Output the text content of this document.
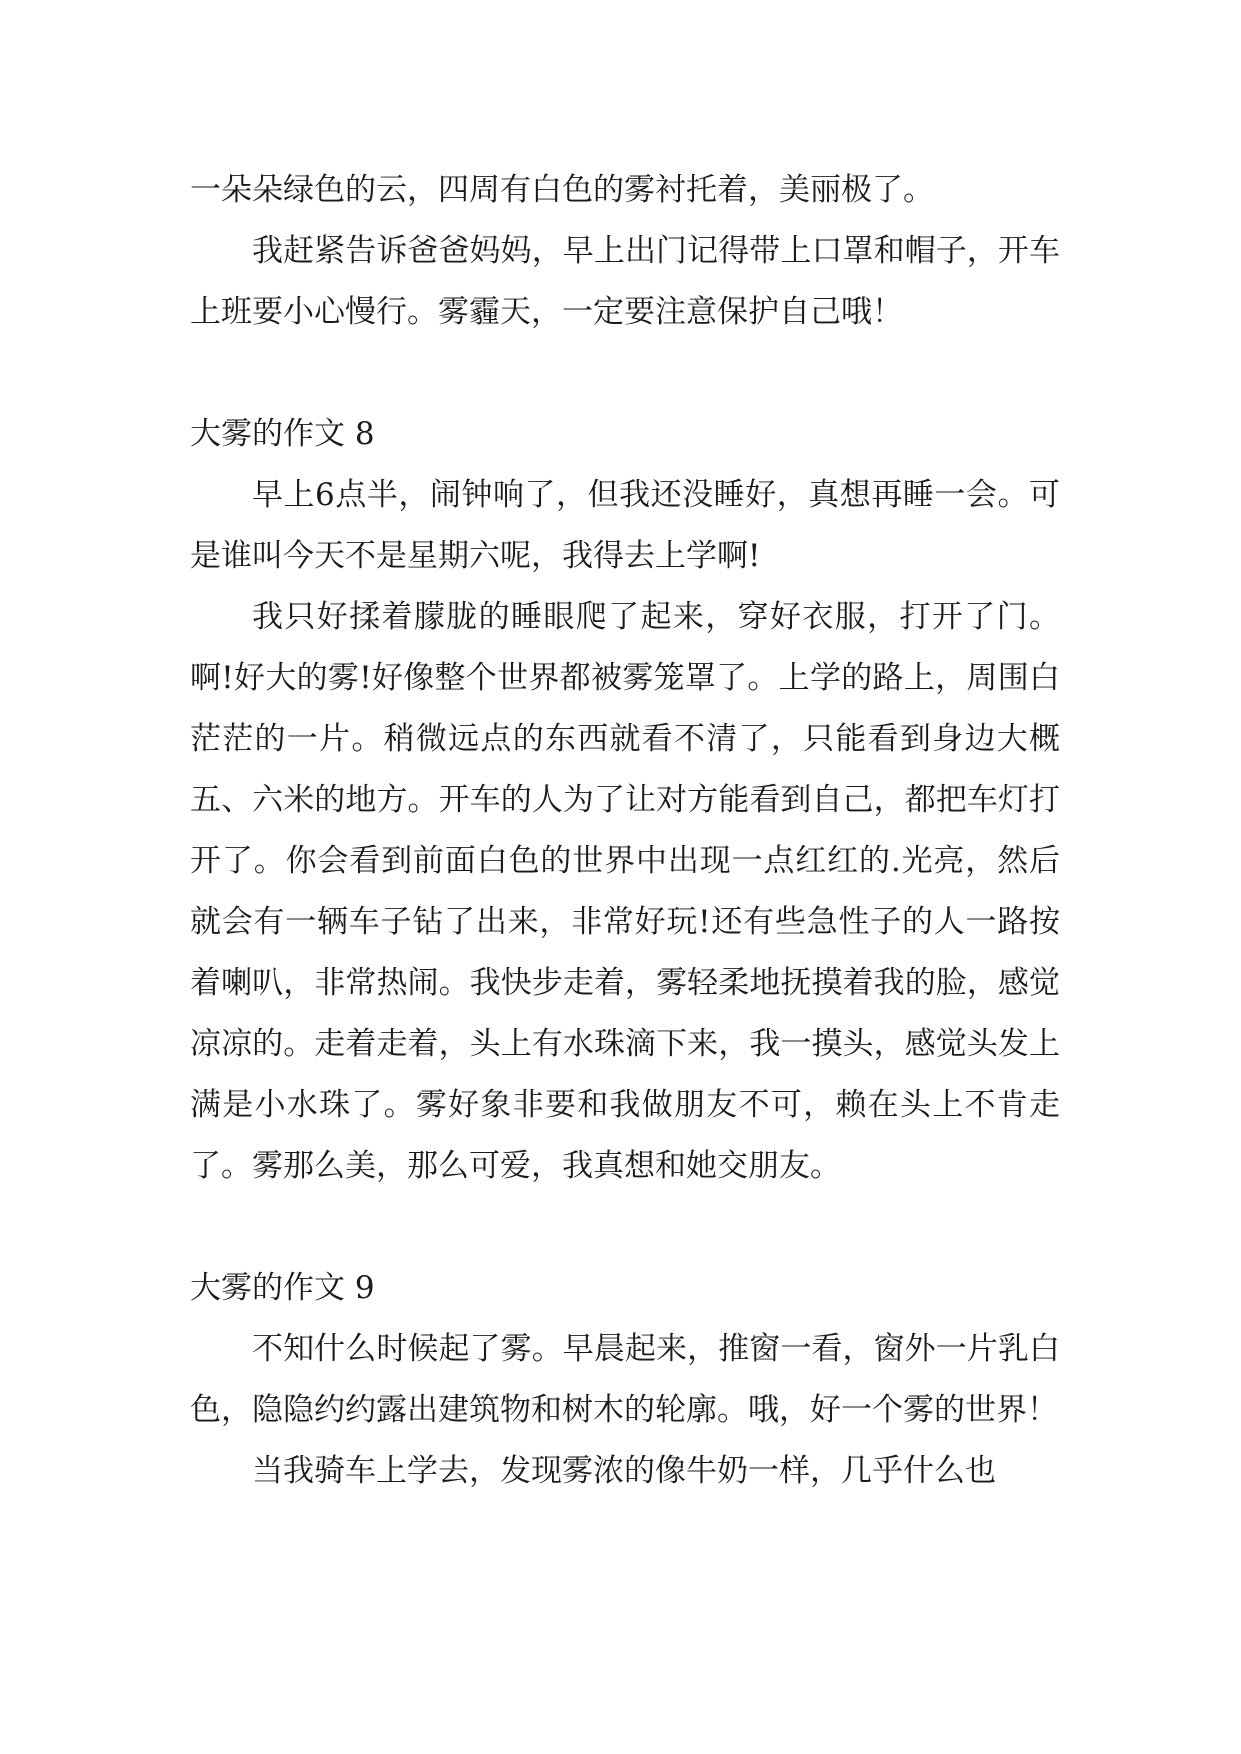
一朵朵绿色的云，四周有白色的雾衬托着，美丽极了。

我赶紧告诉爸爸妈妈，早上出门记得带上口罩和帽子，开车上班要小心慢行。雾霾天，一定要注意保护自己哦！

大雾的作文 8

早上6点半，闹钟响了，但我还没睡好，真想再睡一会。可是谁叫今天不是星期六呢，我得去上学啊!

我只好揉着朦胧的睡眼爬了起来，穿好衣服，打开了门。啊!好大的雾!好像整个世界都被雾笼罩了。上学的路上，周围白茫茫的一片。稍微远点的东西就看不清了，只能看到身边大概五、六米的地方。开车的人为了让对方能看到自己，都把车灯打开了。你会看到前面白色的世界中出现一点红红的.光亮，然后就会有一辆车子钻了出来，非常好玩!还有些急性子的人一路按着喇叭，非常热闹。我快步走着，雾轻柔地抚摸着我的脸，感觉凉凉的。走着走着，头上有水珠滴下来，我一摸头，感觉头发上满是小水珠了。雾好象非要和我做朋友不可，赖在头上不肯走了。雾那么美，那么可爱，我真想和她交朋友。

大雾的作文 9

不知什么时候起了雾。早晨起来，推窗一看，窗外一片乳白色，隐隐约约露出建筑物和树木的轮廓。哦，好一个雾的世界！

当我骑车上学去，发现雾浓的像牛奶一样，几乎什么也
